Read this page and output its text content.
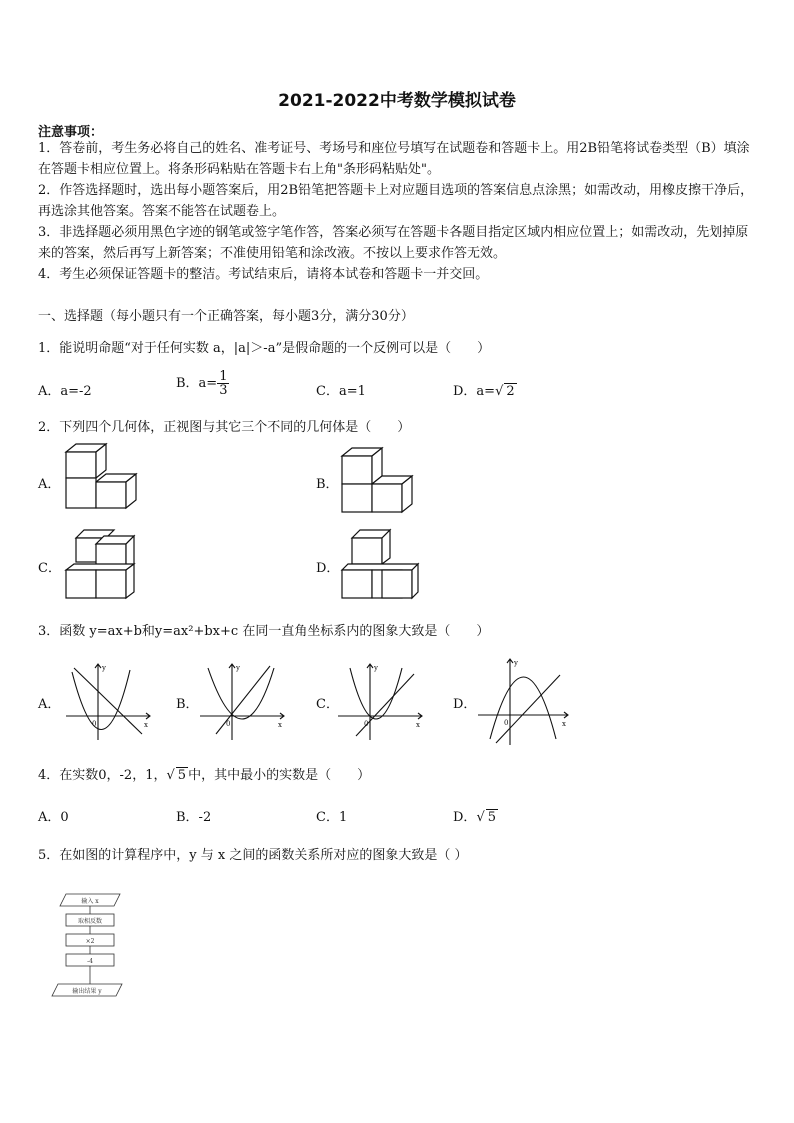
2021-2022中考数学模拟试卷
注意事项：
1．答卷前，考生务必将自己的姓名、准考证号、考场号和座位号填写在试题卷和答题卡上。用2B铅笔将试卷类型（B）填涂在答题卡相应位置上。将条形码粘贴在答题卡右上角"条形码粘贴处"。
2．作答选择题时，选出每小题答案后，用2B铅笔把答题卡上对应题目选项的答案信息点涂黑；如需改动，用橡皮擦干净后，再选涂其他答案。答案不能答在试题卷上。
3．非选择题必须用黑色字迹的钢笔或签字笔作答，答案必须写在答题卡各题目指定区域内相应位置上；如需改动，先划掉原来的答案，然后再写上新答案；不准使用铅笔和涂改液。不按以上要求作答无效。
4．考生必须保证答题卡的整洁。考试结束后，请将本试卷和答题卡一并交回。
一、选择题（每小题只有一个正确答案，每小题3分，满分30分）
1．能说明命题“对于任何实数 a，|a|＞-a”是假命题的一个反例可以是（　　）
A．a=-2
B．$a= \frac{1}{3}$	C．a=1	D．a=√ 2
2．下列四个几何体，正视图与其它三个不同的几何体是（　　）
A．	B．
C．	D．
3．函数 y=ax+b和y=ax²+bx+c 在同一直角坐标系内的图象大致是（　　）
A．	B．	C．	D．
y
x
0
y
x
0
y
x
0
y
x
0
4．在实数0，-2，1，√ 5 中，其中最小的实数是（　　）
A．0	B．-2	C．1	D．√ 5
5．在如图的计算程序中，y 与 x 之间的函数关系所对应的图象大致是（ ）
输入 x
取相反数
×2
-4
输出结果 y
